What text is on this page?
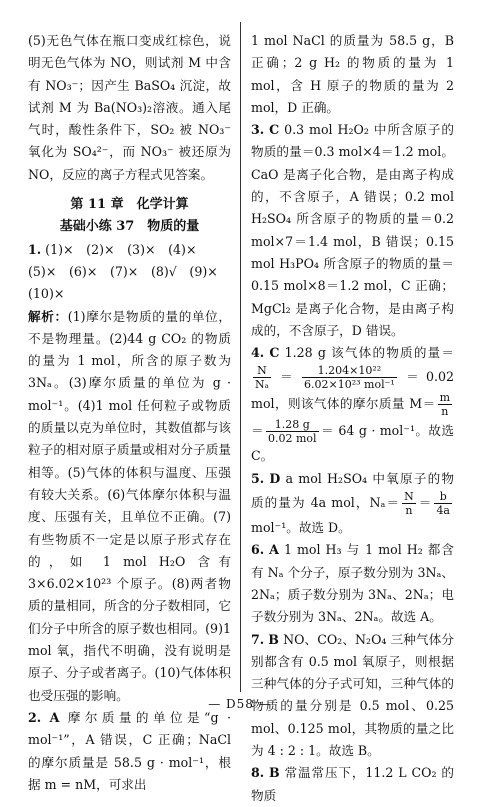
(5)无色气体在瓶口变成红棕色，说明无色气体为 NO，则试剂 M 中含有 NO₃⁻；因产生 BaSO₄ 沉淀，故试剂 M 为 Ba(NO₃)₂溶液。通入尾气时，酸性条件下，SO₂ 被 NO₃⁻ 氧化为 SO₄²⁻，而 NO₃⁻ 被还原为 NO，反应的离子方程式见答案。

第 11 章　化学计算
基础小练 37　物质的量
1. (1)×　(2)×　(3)×　(4)×
(5)×　(6)×　(7)×　(8)√　(9)×
(10)×

解析：(1)摩尔是物质的量的单位，不是物理量。(2)44 g CO₂ 的物质的量为 1 mol，所含的原子数为 3Nₐ。(3)摩尔质量的单位为 g · mol⁻¹。(4)1 mol 任何粒子或物质的质量以克为单位时，其数值都与该粒子的相对原子质量或相对分子质量相等。(5)气体的体积与温度、压强有较大关系。(6)气体摩尔体积与温度、压强有关，且单位不正确。(7)有些物质不一定是以原子形式存在的，如 1 mol H₂O 含有 3×6.02×10²³ 个原子。(8)两者物质的量相同，所含的分子数相同，它们分子中所含的原子数也相同。(9)1 mol 氧，指代不明确，没有说明是原子、分子或者离子。(10)气体体积也受压强的影响。

2. A 摩尔质量的单位是“g · mol⁻¹”，A 错误，C 正确；NaCl 的摩尔质量是 58.5 g · mol⁻¹，根据 m = nM，可求出

1 mol NaCl 的质量为 58.5 g，B 正确；2 g H₂ 的物质的量为 1 mol，含 H 原子的物质的量为 2 mol，D 正确。

3. C 0.3 mol H₂O₂ 中所含原子的物质的量＝0.3 mol×4＝1.2 mol。CaO 是离子化合物，是由离子构成的，不含原子，A 错误；0.2 mol H₂SO₄ 所含原子的物质的量＝0.2 mol×7＝1.4 mol，B 错误；0.15 mol H₃PO₄ 所含原子的物质的量＝0.15 mol×8＝1.2 mol，C 正确；MgCl₂ 是离子化合物，是由离子构成的，不含原子，D 错误。

4. C 1.28 g 该气体的物质的量＝
$\frac{N}{\text{Nₐ}} = \frac{\text{1.204×10²²}}{\text{6.02×10²³ mol⁻¹}} =0.02$ mol，则该气体的摩尔质量 $M= \frac{m}{n}$
＝ $\frac{1.28 g}{\text{0.02 mol}} = 64$ g · mol⁻¹。故选 C。

5. D a mol H₂SO₄ 中氧原子的物质的量为 4a mol，$N_a= \frac{N}{n} = \frac{b}{4a}$
mol⁻¹。故选 D。

6. A 1 mol H₃ 与 1 mol H₂ 都含有 Nₐ 个分子，原子数分别为 3Nₐ、2Nₐ；质子数分别为 3Nₐ、2Nₐ；电子数分别为 3Nₐ、2Nₐ。故选 A。

7. B NO、CO₂、N₂O₄ 三种气体分别都含有 0.5 mol 氧原子，则根据三种气体的分子式可知，三种气体的物质的量分别是 0.5 mol、0.25 mol、0.125 mol，其物质的量之比为 4 : 2 : 1。故选 B。

8. B 常温常压下，11.2 L CO₂ 的物质

— D58 —
